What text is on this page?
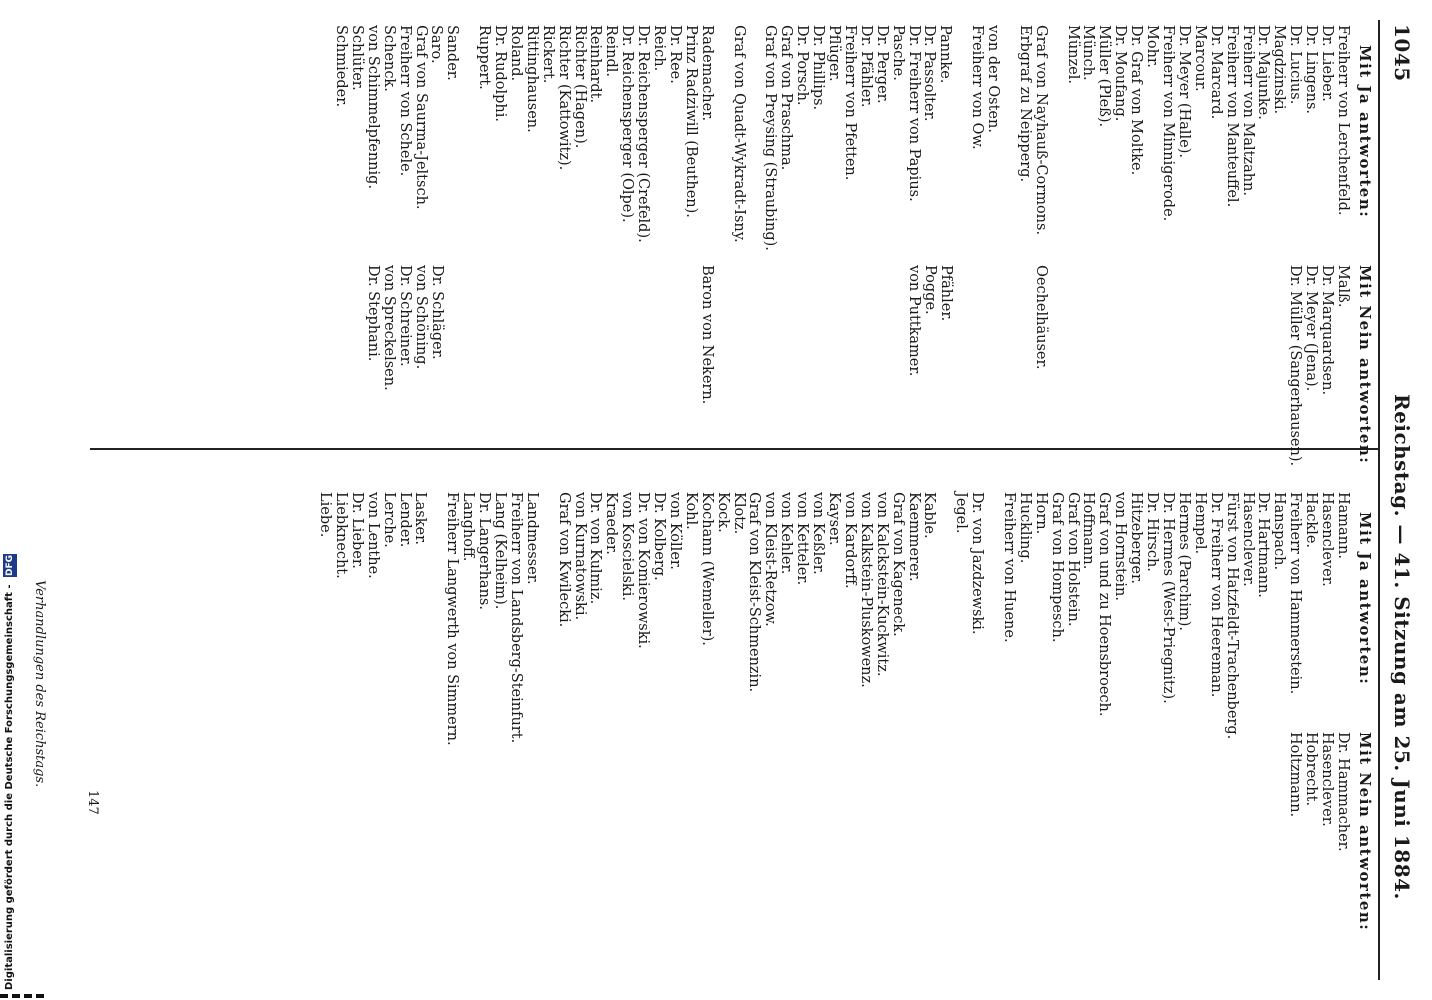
1045
Reichstag. — 41. Sitzung am 25. Juni 1884.
Mit Ja antworten:
Freiherr von Lerchenfeld.
Dr. Lieber.
Dr. Lingens.
Dr. Lucius.
Magdzinski.
Dr. Majunke.
Freiherr von Maltzahn.
Freiherr von Manteuffel.
Dr. Marcard.
Marcour.
Dr. Meyer (Halle).
Freiherr von Minnigerode.
Mohr.
Dr. Graf von Moltke.
Dr. Moufang.
Müller (Pleß).
Münch.
Münzel.
Graf von Nayhauß-Cormons.
Erbgraf zu Neipperg.
von der Osten.
Freiherr von Ow.
Pannke.
Dr. Passolter.
Dr. Freiherr von Papius.
Pasche.
Dr. Perger.
Dr. Pfähler.
Freiherr von Pfetten.
Pflüger.
Dr. Phillips.
Dr. Porsch.
Graf von Praschma.
Graf von Preysing (Straubing).
Graf von Quadt-Wykradt-Isny.
Rademacher.
Prinz Radziwill (Beuthen).
Dr. Ree.
Reich.
Dr. Reichensperger (Crefeld).
Dr. Reichensperger (Olpe).
Reindl.
Reinhardt.
Richter (Hagen).
Richter (Kattowitz).
Rickert.
Rittinghausen.
Roland.
Dr. Rudolphi.
Ruppert.
Sander.
Saro.
Graf von Saurma-Jeltsch.
Freiherr von Schele.
Schenck.
von Schimmelpfennig.
Schlüter.
Schmieder.
Mit Nein antworten:
Malß.
Dr. Marquardsen.
Dr. Meyer (Jena).
Dr. Müller (Sangerhausen).
Oechelhäuser.
Pfähler.
Pogge.
von Puttkamer.
Baron von Nekern.
Dr. Schläger.
von Schöning.
Dr. Schreiner.
von Spreckelsen.
Dr. Stephani.
Mit Ja antworten:
Hamann.
Hasenclever.
Hackle.
Freiherr von Hammerstein.
Hanspach.
Dr. Hartmann.
Hasenclever.
Fürst von Hatzfeldt-Trachenberg.
Dr. Freiherr von Heereman.
Hempel.
Hermes (Parchim).
Dr. Hermes (West-Priegnitz).
Dr. Hirsch.
Hitzeberger.
von Hornstein.
Graf von und zu Hoensbroech.
Hoffmann.
Graf von Holstein.
Graf von Hompesch.
Horn.
Huckling.
Freiherr von Huene.
Dr. von Jazdzewski.
Jegel.
Kable.
Kaemmerer.
Graf von Kageneck.
von Kalckstein-Kuckwitz.
von Kalkstein-Pluskowenz.
von Kardorff.
Kayser.
von Keßler.
von Ketteler.
von Kehler.
von Kleist-Retzow.
Graf von Kleist-Schmenzin.
Klotz.
Kock.
Kochann (Wemeller).
Kohl.
von Köller.
Dr. Kolberg.
Dr. von Komierowski.
von Koscielski.
Kraeder.
Dr. von Kulmiz.
von Kurnatowski.
Graf von Kwilecki.
Landmesser.
Freiherr von Landsberg-Steinfurt.
Lang (Kelheim).
Dr. Langerhans.
Langhoff.
Freiherr Langwerth von Simmern.
Lasker.
Lender.
Lerche.
von Lenthe.
Dr. Lieber.
Liebknecht.
Liebe.
Mit Nein antworten:
Dr. Hammacher.
Hasenclever.
Hobrecht.
Holtzmann.
Verhandlungen des Reichstags.
Digitalisierung gefördert durch die Deutsche Forschungsgemeinschaft - DFG
147
